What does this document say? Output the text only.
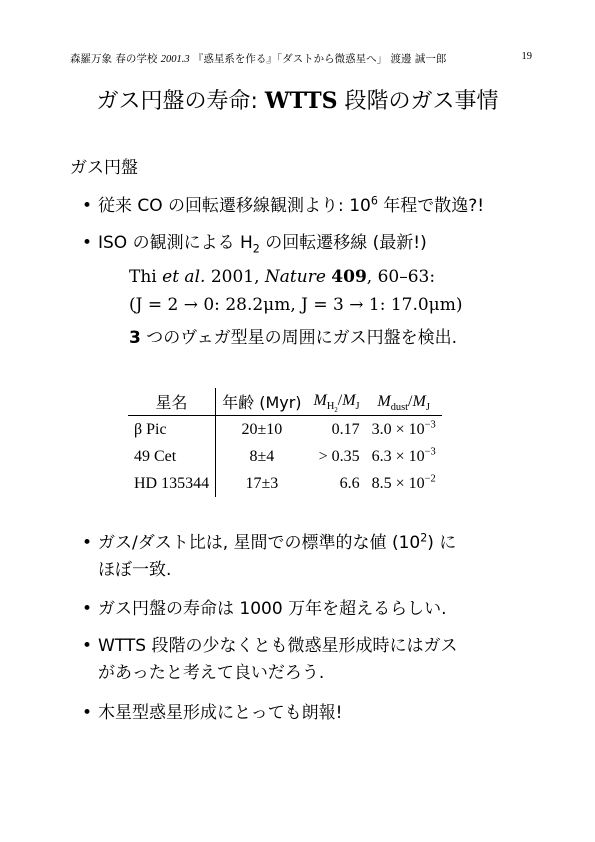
森羅万象 春の学校 2001.3 『惑星系を作る』「ダストから微惑星へ」 渡邊 誠一郎	19
ガス円盤の寿命: WTTS 段階のガス事情
ガス円盤
• 従来 CO の回転遷移線観測より: $10^6$ 年程で散逸?!
• ISO の観測による $H_2$ の回転遷移線 (最新!)
Thi et al. 2001, Nature 409, 60–63:
(J = 2 → 0: 28.2μm, J = 3 → 1: 17.0μm)
3 つのヴェガ型星の周囲にガス円盤を検出.
星名	年齢 (Myr)	$M_{H_2}/M_J$	$M_{dust}/M_J$
β Pic	20±10	0.17	$3.0 \times 10^{-3}$
49 Cet	8±4	> 0.35	$6.3 \times 10^{-3}$
HD 135344	17±3	6.6	$8.5 \times 10^{-2}$
• ガス/ダスト比は, 星間での標準的な値 $(10^2)$ に
ほぼ一致.
• ガス円盤の寿命は 1000 万年を超えるらしい.
• WTTS 段階の少なくとも微惑星形成時にはガス
があったと考えて良いだろう.
• 木星型惑星形成にとっても朗報!
